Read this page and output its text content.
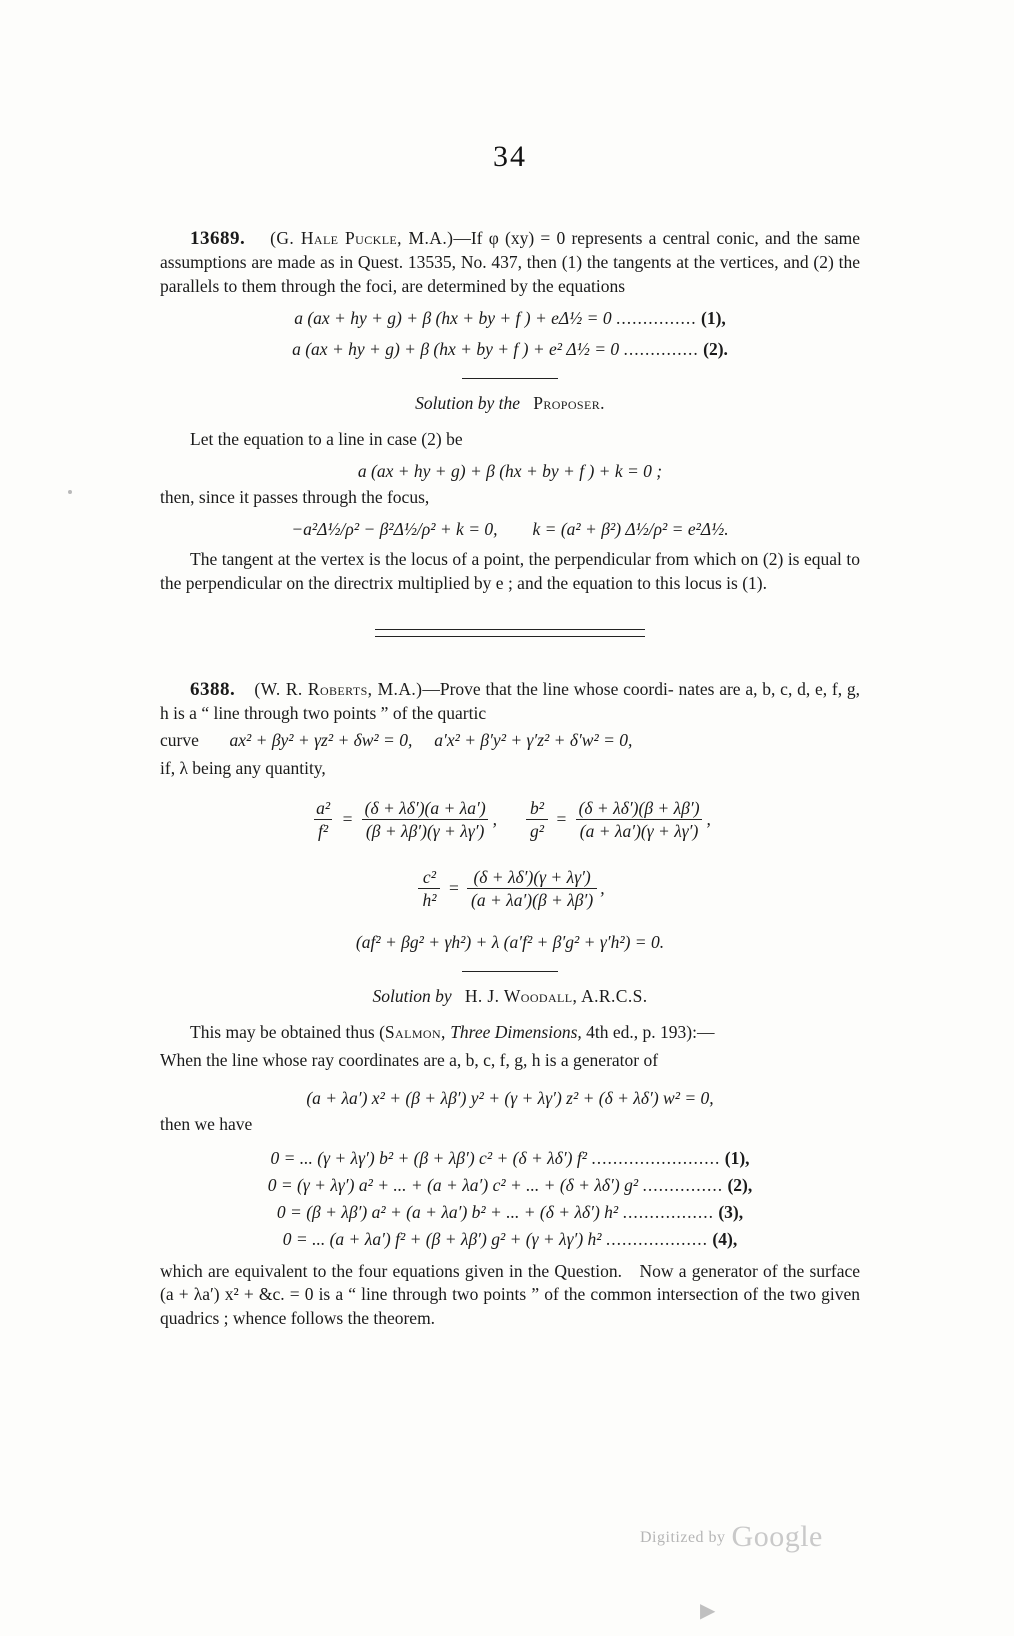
34

13689. (G. Hale Puckle, M.A.)—If φ (xy) = 0 represents a central conic, and the same assumptions are made as in Quest. 13535, No. 437, then (1) the tangents at the vertices, and (2) the parallels to them through the foci, are determined by the equations

a (ax + hy + g) + β (hx + by + f ) + eΔ½ = 0 ............... (1),
a (ax + hy + g) + β (hx + by + f ) + e² Δ½ = 0 .............. (2).
Solution by the Proposer.

Let the equation to a line in case (2) be

a (ax + hy + g) + β (hx + by + f ) + k = 0 ;

then, since it passes through the focus,

−a²Δ½/ρ² − β²Δ½/ρ² + k = 0, k = (a² + β²) Δ½/ρ² = e²Δ½.

The tangent at the vertex is the locus of a point, the perpendicular from which on (2) is equal to the perpendicular on the directrix multiplied by e ; and the equation to this locus is (1).

6388. (W. R. Roberts, M.A.)—Prove that the line whose coordi- nates are a, b, c, d, e, f, g, h is a “ line through two points ” of the quartic

curve ax² + βy² + γz² + δw² = 0,  a′x² + β′y² + γ′z² + δ′w² = 0,

if, λ being any quantity,

$\frac{\text{a²}}{\text{f²}} = \frac{(\delta + \lambda\delta')(a + \lambda a')}{(\beta + \lambda\beta')(\gamma + \lambda\gamma')}$ , $\frac{\text{b²}}{\text{g²}} = \frac{(\delta + \lambda\delta')(\beta + \lambda\beta')}{(a + \lambda a')(\gamma + \lambda\gamma')}$ ,
$\frac{\text{c²}}{\text{h²}} = \frac{(\delta + \lambda\delta')(\gamma + \lambda\gamma')}{(a + \lambda a')(\beta + \lambda\beta')}$ ,
(af² + βg² + γh²) + λ (a′f² + β′g² + γ′h²) = 0.
Solution by H. J. Woodall, A.R.C.S.

This may be obtained thus (Salmon, Three Dimensions, 4th ed., p. 193):—

When the line whose ray coordinates are a, b, c, f, g, h is a generator of

(a + λa′) x² + (β + λβ′) y² + (γ + λγ′) z² + (δ + λδ′) w² = 0,

then we have

0 = ... (γ + λγ′) b² + (β + λβ′) c² + (δ + λδ′) f² ........................ (1),
0 = (γ + λγ′) a² + ... + (a + λa′) c² + ... + (δ + λδ′) g² ............... (2),
0 = (β + λβ′) a² + (a + λa′) b² + ... + (δ + λδ′) h² ................. (3),
0 = ... (a + λa′) f² + (β + λβ′) g² + (γ + λγ′) h² ................... (4),

which are equivalent to the four equations given in the Question. Now a generator of the surface (a + λa′) x² + &c. = 0 is a “ line through two points ” of the common intersection of the two given quadrics ; whence follows the theorem.

Digitized by Google
▶
